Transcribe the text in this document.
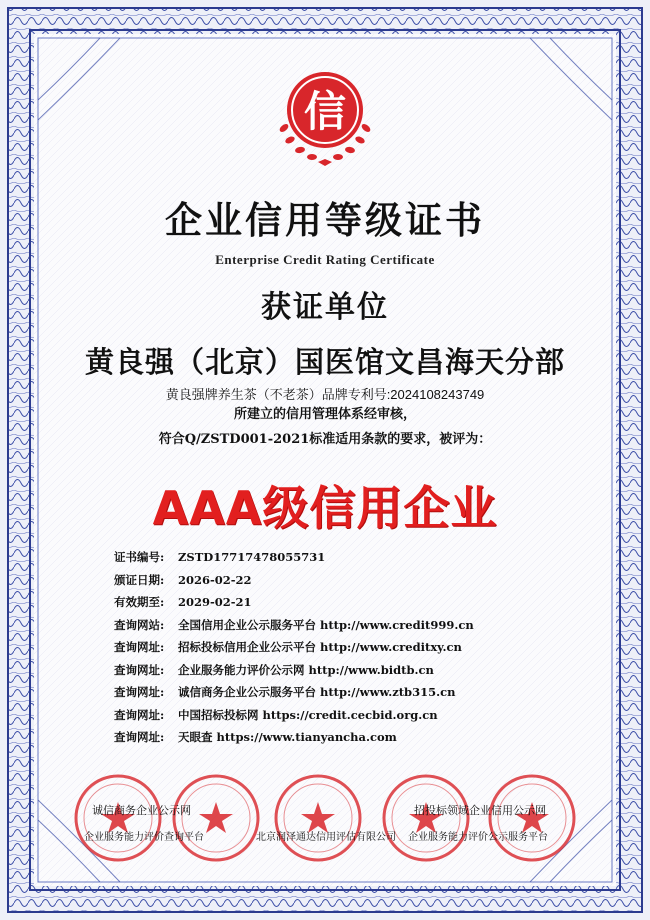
信
企业信用等级证书
Enterprise Credit Rating Certificate
获证单位
黄良强（北京）国医馆文昌海天分部
黄良强牌养生茶（不老茶）品牌专利号:2024108243749
所建立的信用管理体系经审核，
符合Q/ZSTD001-2021标准适用条款的要求，被评为：
AAA级信用企业
证书编号: ZSTD17717478055731
颁证日期: 2026-02-22
有效期至: 2029-02-21
查询网站: 全国信用企业公示服务平台 http://www.credit999.cn
查询网址: 招标投标信用企业公示平台 http://www.creditxy.cn
查询网址: 企业服务能力评价公示网 http://www.bidtb.cn
查询网址: 诚信商务企业公示服务平台 http://www.ztb315.cn
查询网址: 中国招标投标网 https://credit.cecbid.org.cn
查询网址: 天眼查 https://www.tianyancha.com
诚信商务企业公示网
企业服务能力评价查询平台	北京润泽通达信用评估有限公司
招投标领域企业信用公示网
企业服务能力评价公示服务平台
